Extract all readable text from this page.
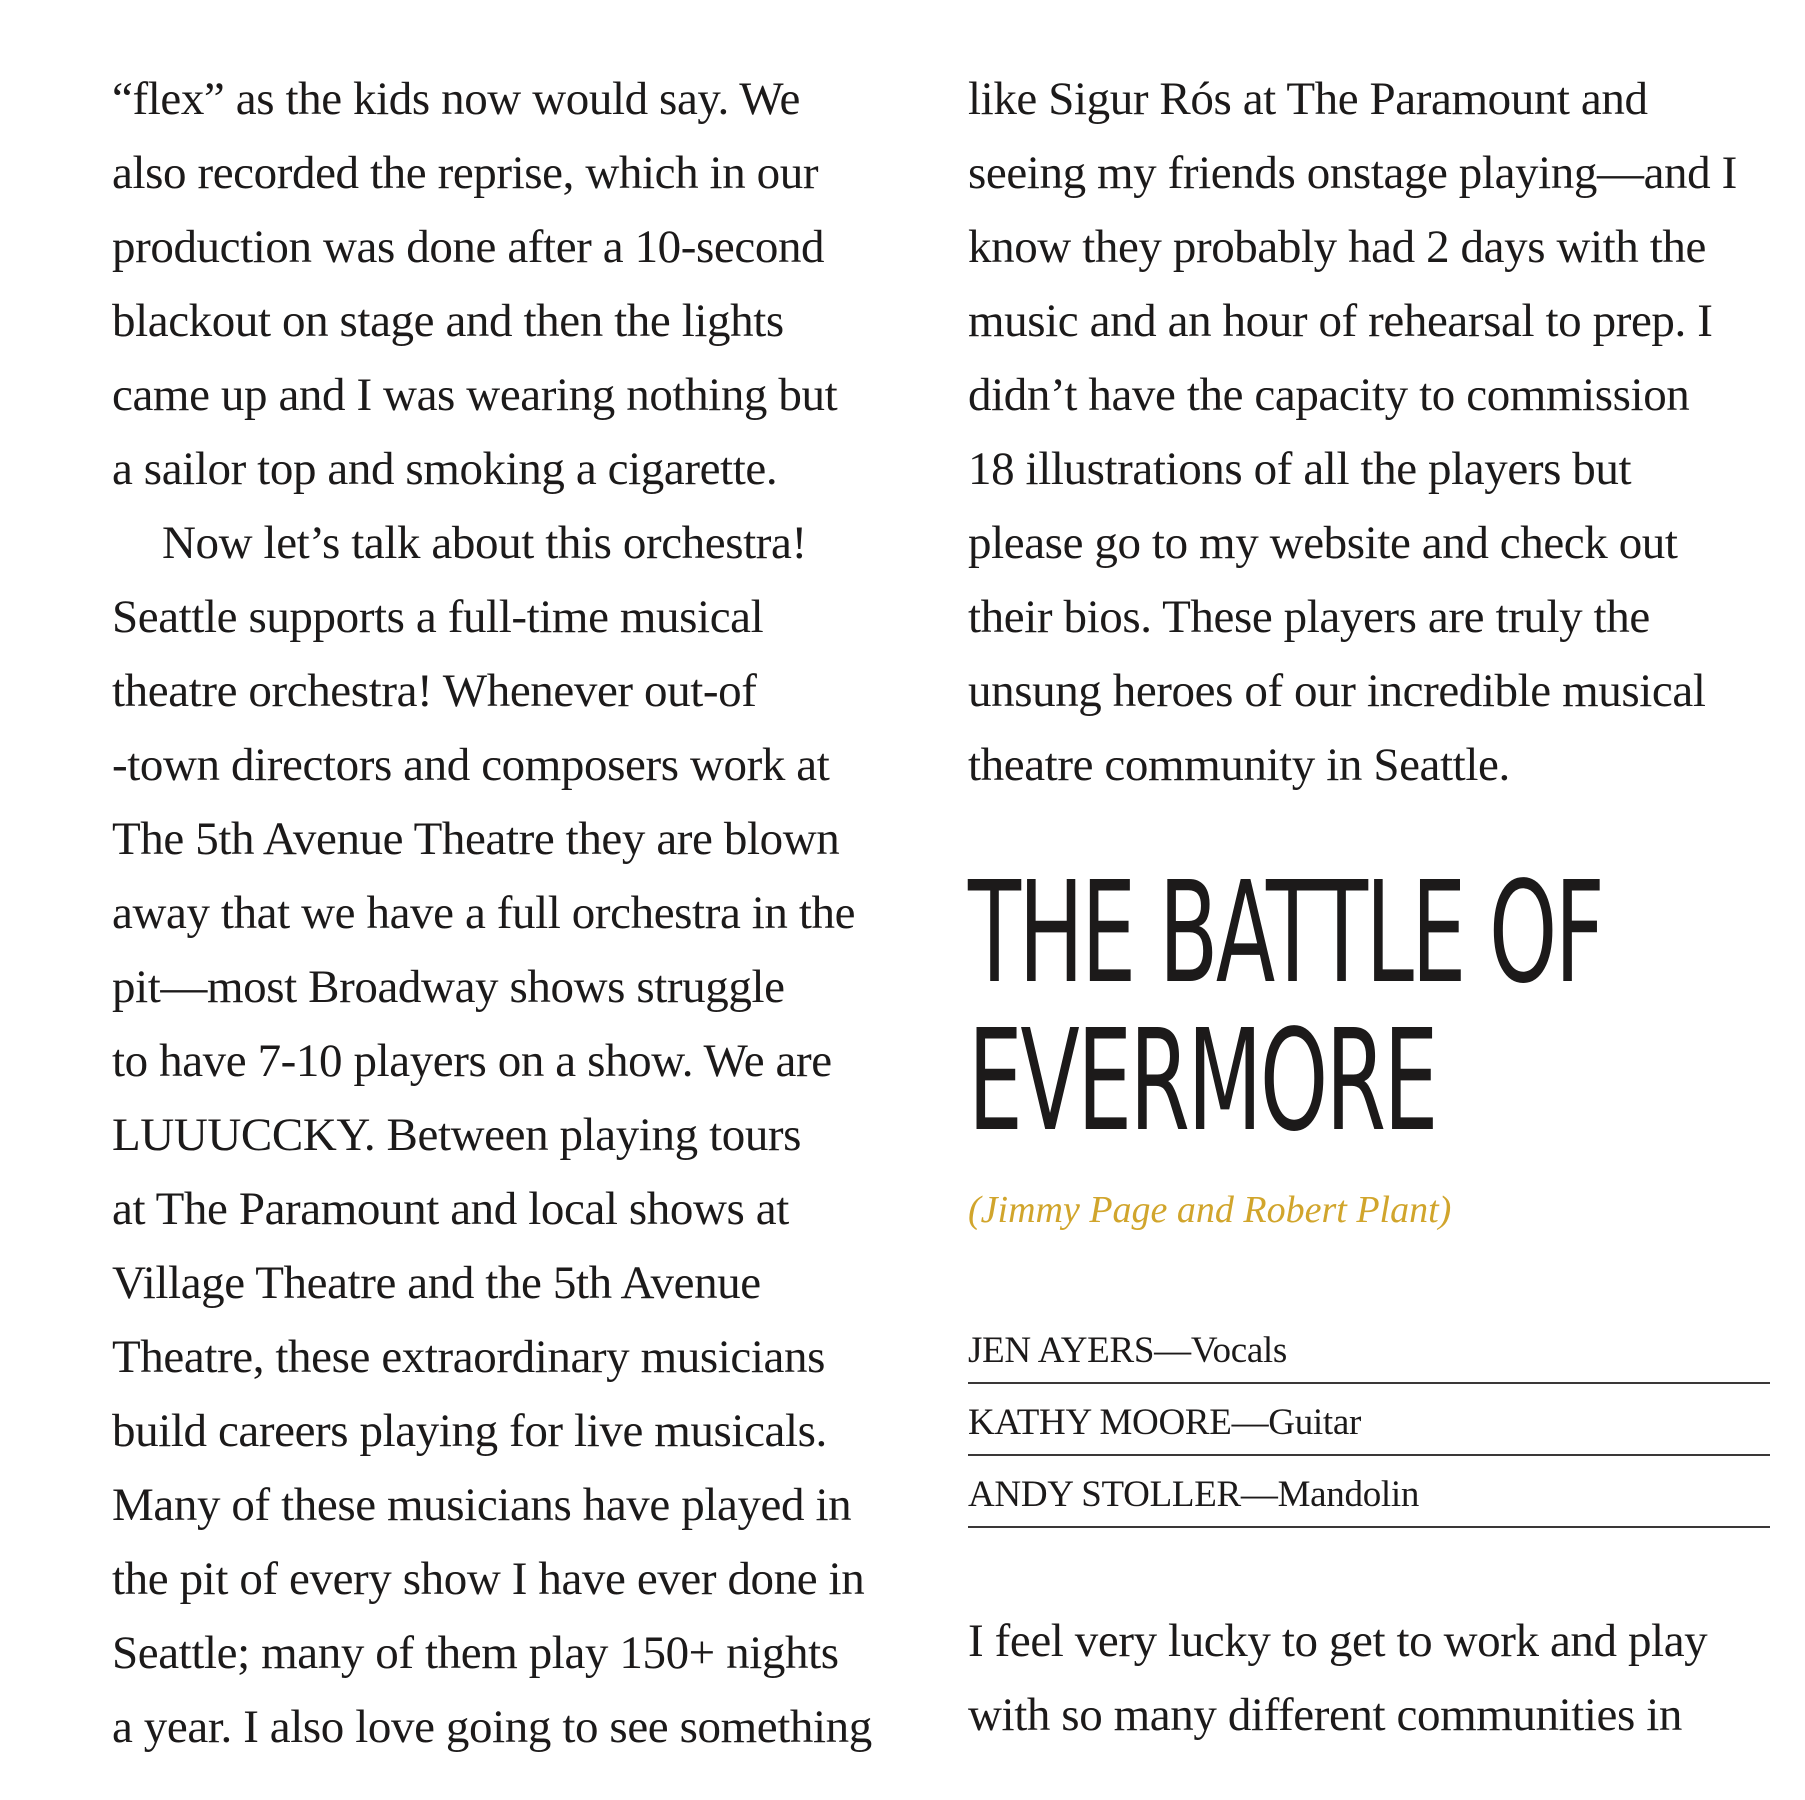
“flex” as the kids now would say. We
also recorded the reprise, which in our
production was done after a 10-second
blackout on stage and then the lights
came up and I was wearing nothing but
a sailor top and smoking a cigarette.
Now let’s talk about this orchestra!
Seattle supports a full-time musical
theatre orchestra! Whenever out-of
-town directors and composers work at
The 5th Avenue Theatre they are blown
away that we have a full orchestra in the
pit—most Broadway shows struggle
to have 7-10 players on a show. We are
LUUUCCKY. Between playing tours
at The Paramount and local shows at
Village Theatre and the 5th Avenue
Theatre, these extraordinary musicians
build careers playing for live musicals.
Many of these musicians have played in
the pit of every show I have ever done in
Seattle; many of them play 150+ nights
a year. I also love going to see something
like Sigur Rós at The Paramount and
seeing my friends onstage playing—and I
know they probably had 2 days with the
music and an hour of rehearsal to prep. I
didn’t have the capacity to commission
18 illustrations of all the players but
please go to my website and check out
their bios. These players are truly the
unsung heroes of our incredible musical
theatre community in Seattle.
THE BATTLE OF
EVERMORE
(Jimmy Page and Robert Plant)
JEN AYERS—Vocals
KATHY MOORE—Guitar
ANDY STOLLER—Mandolin
I feel very lucky to get to work and play
with so many different communities in
